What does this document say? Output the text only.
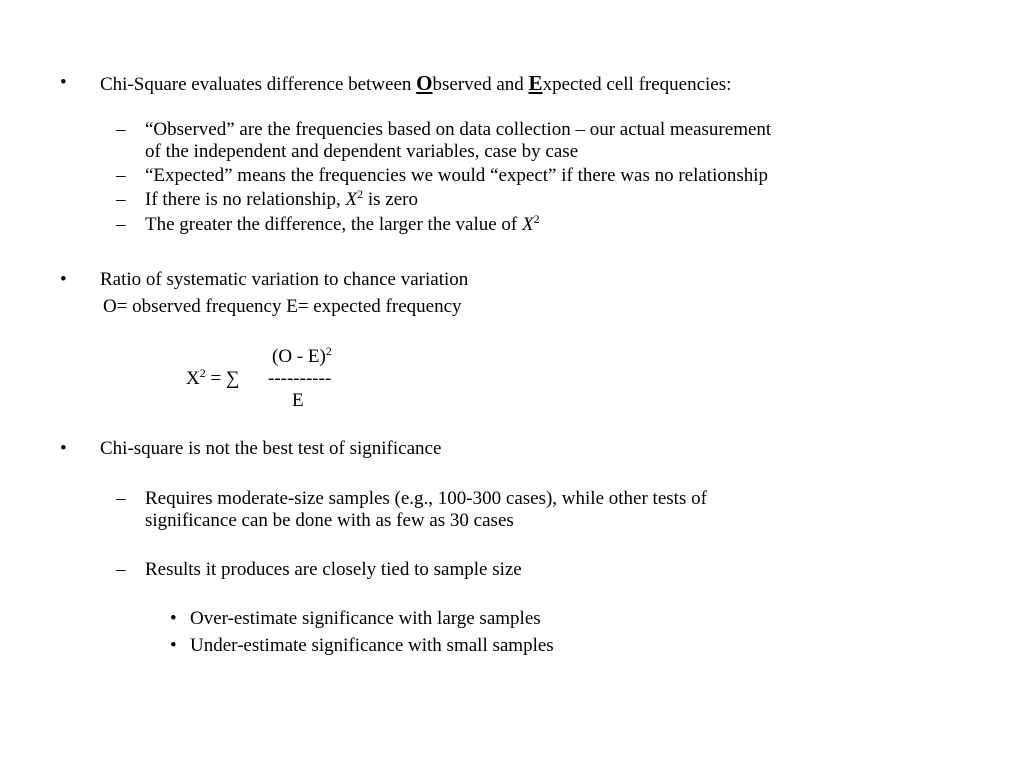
• Chi-Square evaluates difference between Observed and Expected cell frequencies:
– “Observed” are the frequencies based on data collection – our actual measurement
of the independent and dependent variables, case by case
– “Expected” means the frequencies we would “expect” if there was no relationship
– If there is no relationship, $X^2$ is zero
– The greater the difference, the larger the value of $X^2$
• Ratio of systematic variation to chance variation
O= observed frequency E= expected frequency
(O - E)$^2$
$X^2$ = ∑ ----------
E
• Chi-square is not the best test of significance
– Requires moderate-size samples (e.g., 100-300 cases), while other tests of
significance can be done with as few as 30 cases
– Results it produces are closely tied to sample size
• Over-estimate significance with large samples
• Under-estimate significance with small samples
